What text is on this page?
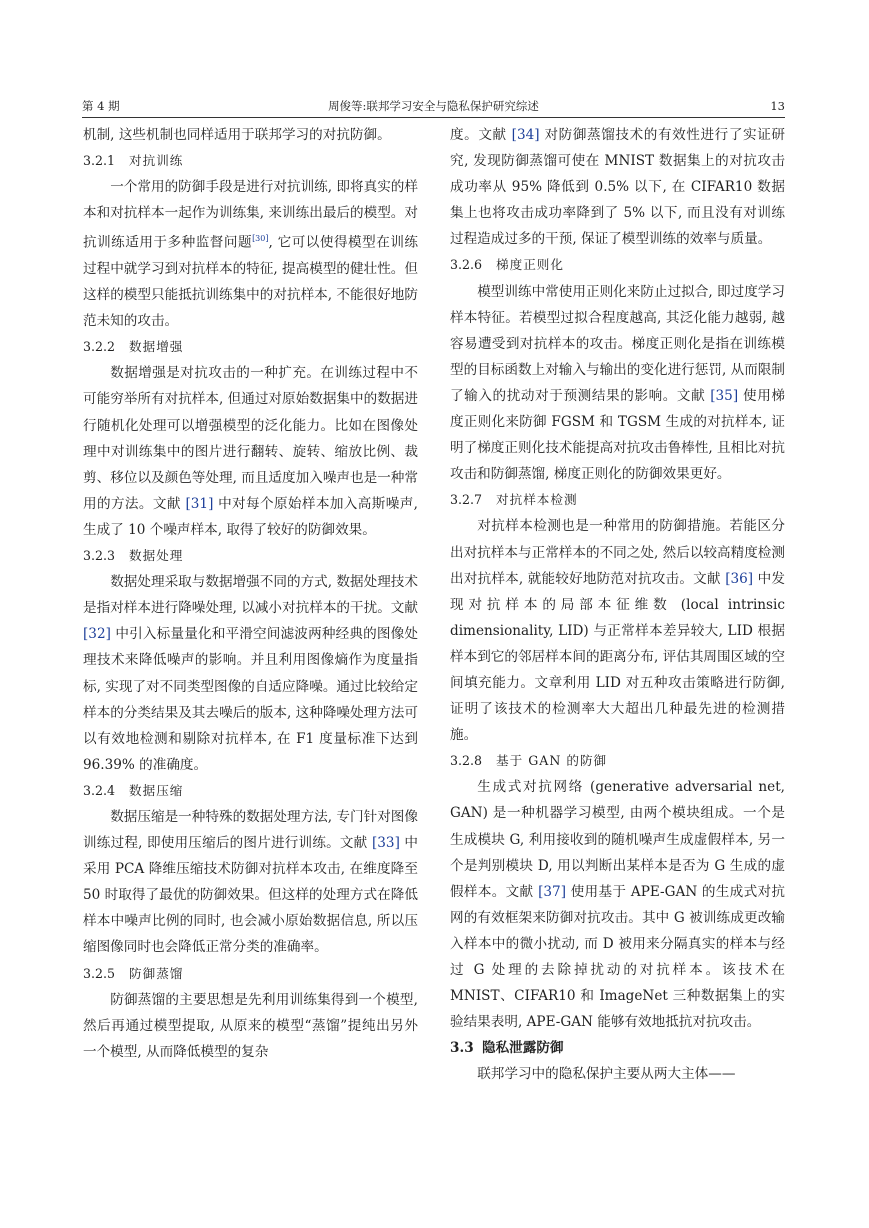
第 4 期	周俊等:联邦学习安全与隐私保护研究综述	13

机制, 这些机制也同样适用于联邦学习的对抗防御。

3.2.1 对抗训练

一个常用的防御手段是进行对抗训练, 即将真实的样本和对抗样本一起作为训练集, 来训练出最后的模型。对抗训练适用于多种监督问题[30], 它可以使得模型在训练过程中就学习到对抗样本的特征, 提高模型的健壮性。但这样的模型只能抵抗训练集中的对抗样本, 不能很好地防范未知的攻击。

3.2.2 数据增强

数据增强是对抗攻击的一种扩充。在训练过程中不可能穷举所有对抗样本, 但通过对原始数据集中的数据进行随机化处理可以增强模型的泛化能力。比如在图像处理中对训练集中的图片进行翻转、旋转、缩放比例、裁剪、移位以及颜色等处理, 而且适度加入噪声也是一种常用的方法。文献 [31] 中对每个原始样本加入高斯噪声, 生成了 10 个噪声样本, 取得了较好的防御效果。

3.2.3 数据处理

数据处理采取与数据增强不同的方式, 数据处理技术是指对样本进行降噪处理, 以减小对抗样本的干扰。文献 [32] 中引入标量量化和平滑空间滤波两种经典的图像处理技术来降低噪声的影响。并且利用图像熵作为度量指标, 实现了对不同类型图像的自适应降噪。通过比较给定样本的分类结果及其去噪后的版本, 这种降噪处理方法可以有效地检测和剔除对抗样本, 在 F1 度量标准下达到 96.39% 的准确度。

3.2.4 数据压缩

数据压缩是一种特殊的数据处理方法, 专门针对图像训练过程, 即使用压缩后的图片进行训练。文献 [33] 中采用 PCA 降维压缩技术防御对抗样本攻击, 在维度降至 50 时取得了最优的防御效果。但这样的处理方式在降低样本中噪声比例的同时, 也会减小原始数据信息, 所以压缩图像同时也会降低正常分类的准确率。

3.2.5 防御蒸馏

防御蒸馏的主要思想是先利用训练集得到一个模型, 然后再通过模型提取, 从原来的模型“蒸馏”提纯出另外一个模型, 从而降低模型的复杂

度。文献 [34] 对防御蒸馏技术的有效性进行了实证研究, 发现防御蒸馏可使在 MNIST 数据集上的对抗攻击成功率从 95% 降低到 0.5% 以下, 在 CIFAR10 数据集上也将攻击成功率降到了 5% 以下, 而且没有对训练过程造成过多的干预, 保证了模型训练的效率与质量。

3.2.6 梯度正则化

模型训练中常使用正则化来防止过拟合, 即过度学习样本特征。若模型过拟合程度越高, 其泛化能力越弱, 越容易遭受到对抗样本的攻击。梯度正则化是指在训练模型的目标函数上对输入与输出的变化进行惩罚, 从而限制了输入的扰动对于预测结果的影响。文献 [35] 使用梯度正则化来防御 FGSM 和 TGSM 生成的对抗样本, 证明了梯度正则化技术能提高对抗攻击鲁棒性, 且相比对抗攻击和防御蒸馏, 梯度正则化的防御效果更好。

3.2.7 对抗样本检测

对抗样本检测也是一种常用的防御措施。若能区分出对抗样本与正常样本的不同之处, 然后以较高精度检测出对抗样本, 就能较好地防范对抗攻击。文献 [36] 中发现对抗样本的局部本征维数 (local intrinsic dimensionality, LID) 与正常样本差异较大, LID 根据样本到它的邻居样本间的距离分布, 评估其周围区域的空间填充能力。文章利用 LID 对五种攻击策略进行防御, 证明了该技术的检测率大大超出几种最先进的检测措施。

3.2.8 基于 GAN 的防御

生成式对抗网络 (generative adversarial net, GAN) 是一种机器学习模型, 由两个模块组成。一个是生成模块 G, 利用接收到的随机噪声生成虚假样本, 另一个是判别模块 D, 用以判断出某样本是否为 G 生成的虚假样本。文献 [37] 使用基于 APE-GAN 的生成式对抗网的有效框架来防御对抗攻击。其中 G 被训练成更改输入样本中的微小扰动, 而 D 被用来分隔真实的样本与经过 G 处理的去除掉扰动的对抗样本。该技术在 MNIST、CIFAR10 和 ImageNet 三种数据集上的实验结果表明, APE-GAN 能够有效地抵抗对抗攻击。

3.3 隐私泄露防御

联邦学习中的隐私保护主要从两大主体——
